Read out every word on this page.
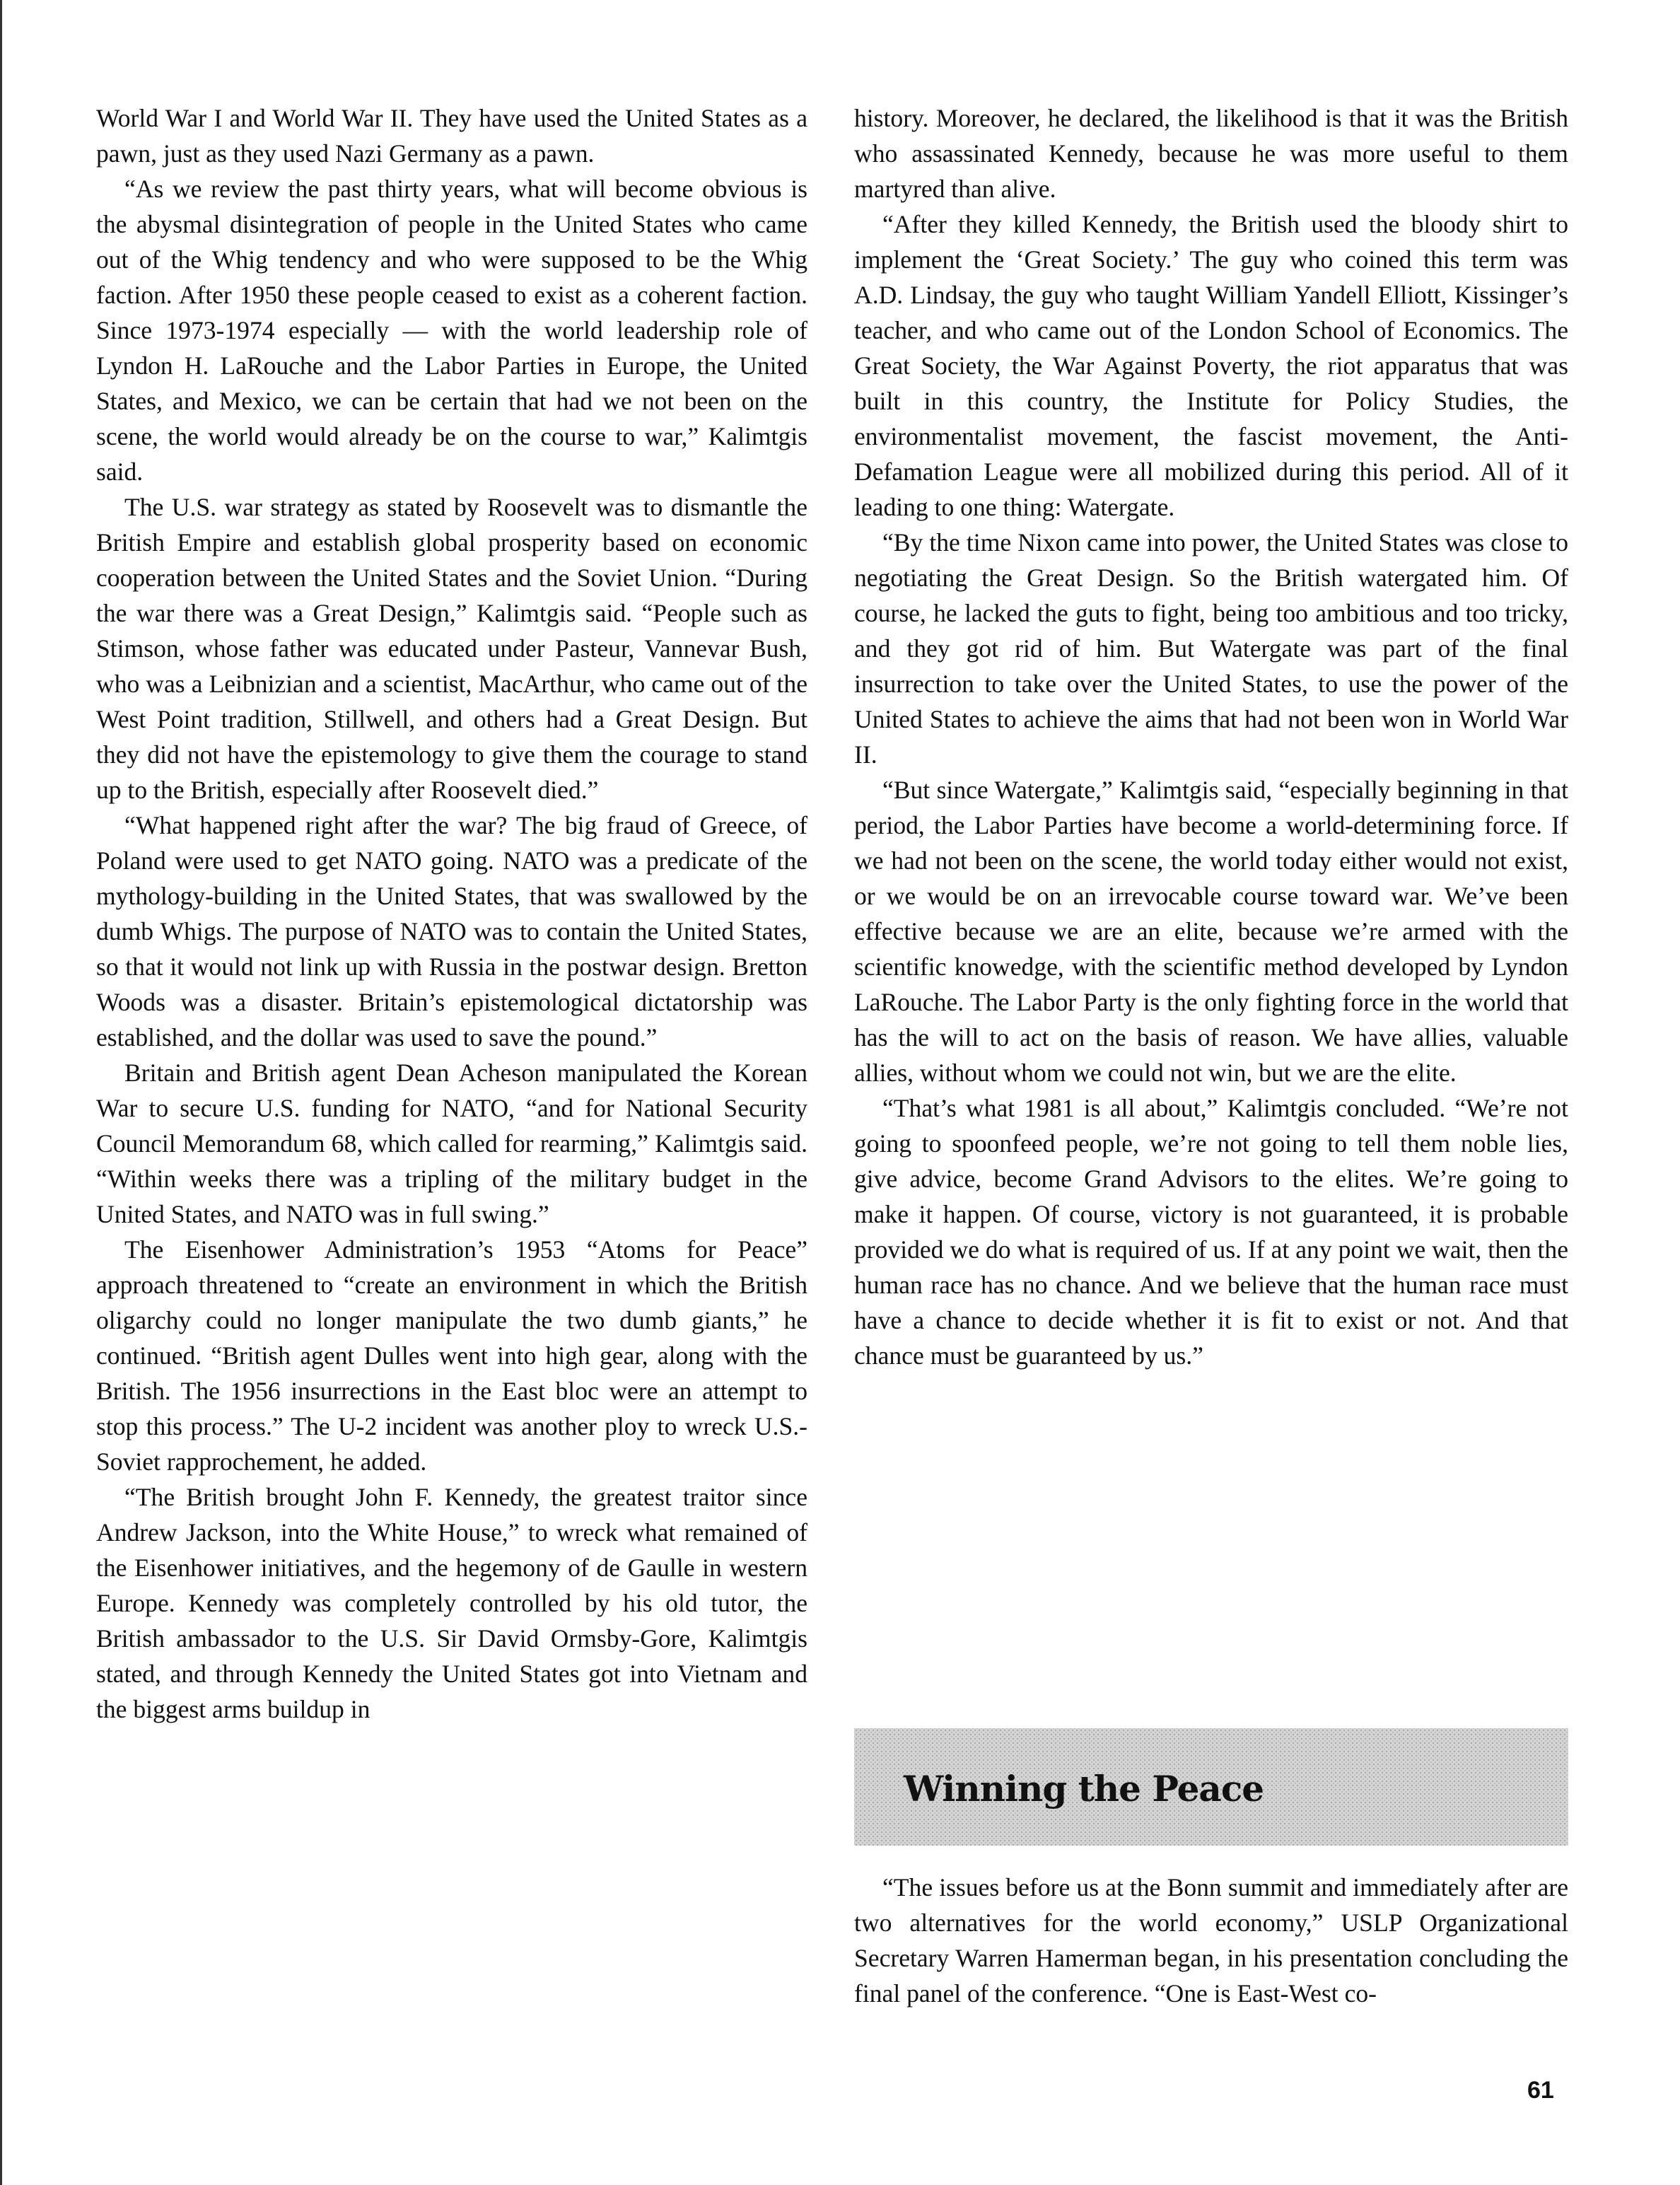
World War I and World War II. They have used the United States as a pawn, just as they used Nazi Germany as a pawn.

“As we review the past thirty years, what will become obvious is the abysmal disintegration of people in the United States who came out of the Whig tendency and who were supposed to be the Whig faction. After 1950 these people ceased to exist as a coherent faction. Since 1973-1974 especially — with the world leadership role of Lyndon H. LaRouche and the Labor Parties in Europe, the United States, and Mexico, we can be certain that had we not been on the scene, the world would already be on the course to war,” Kalimtgis said.

The U.S. war strategy as stated by Roosevelt was to dismantle the British Empire and establish global prosperity based on economic cooperation between the United States and the Soviet Union. “During the war there was a Great Design,” Kalimtgis said. “People such as Stimson, whose father was educated under Pasteur, Vannevar Bush, who was a Leibnizian and a scientist, MacArthur, who came out of the West Point tradition, Stillwell, and others had a Great Design. But they did not have the epistemology to give them the courage to stand up to the British, especially after Roosevelt died.”

“What happened right after the war? The big fraud of Greece, of Poland were used to get NATO going. NATO was a predicate of the mythology-building in the United States, that was swallowed by the dumb Whigs. The purpose of NATO was to contain the United States, so that it would not link up with Russia in the postwar design. Bretton Woods was a disaster. Britain’s epistemological dictatorship was established, and the dollar was used to save the pound.”

Britain and British agent Dean Acheson manipulated the Korean War to secure U.S. funding for NATO, “and for National Security Council Memorandum 68, which called for rearming,” Kalimtgis said. “Within weeks there was a tripling of the military budget in the United States, and NATO was in full swing.”

The Eisenhower Administration’s 1953 “Atoms for Peace” approach threatened to “create an environment in which the British oligarchy could no longer manipulate the two dumb giants,” he continued. “British agent Dulles went into high gear, along with the British. The 1956 insurrections in the East bloc were an attempt to stop this process.” The U-2 incident was another ploy to wreck U.S.-Soviet rapprochement, he added.

“The British brought John F. Kennedy, the greatest traitor since Andrew Jackson, into the White House,” to wreck what remained of the Eisenhower initiatives, and the hegemony of de Gaulle in western Europe. Kennedy was completely controlled by his old tutor, the British ambassador to the U.S. Sir David Ormsby-Gore, Kalimtgis stated, and through Kennedy the United States got into Vietnam and the biggest arms buildup in

history. Moreover, he declared, the likelihood is that it was the British who assassinated Kennedy, because he was more useful to them martyred than alive.

“After they killed Kennedy, the British used the bloody shirt to implement the ‘Great Society.’ The guy who coined this term was A.D. Lindsay, the guy who taught William Yandell Elliott, Kissinger’s teacher, and who came out of the London School of Economics. The Great Society, the War Against Poverty, the riot apparatus that was built in this country, the Institute for Policy Studies, the environmentalist movement, the fascist movement, the Anti-Defamation League were all mobilized during this period. All of it leading to one thing: Watergate.

“By the time Nixon came into power, the United States was close to negotiating the Great Design. So the British watergated him. Of course, he lacked the guts to fight, being too ambitious and too tricky, and they got rid of him. But Watergate was part of the final insurrection to take over the United States, to use the power of the United States to achieve the aims that had not been won in World War II.

“But since Watergate,” Kalimtgis said, “especially beginning in that period, the Labor Parties have become a world-determining force. If we had not been on the scene, the world today either would not exist, or we would be on an irrevocable course toward war. We’ve been effective because we are an elite, because we’re armed with the scientific knowedge, with the scientific method developed by Lyndon LaRouche. The Labor Party is the only fighting force in the world that has the will to act on the basis of reason. We have allies, valuable allies, without whom we could not win, but we are the elite.

“That’s what 1981 is all about,” Kalimtgis concluded. “We’re not going to spoonfeed people, we’re not going to tell them noble lies, give advice, become Grand Advisors to the elites. We’re going to make it happen. Of course, victory is not guaranteed, it is probable provided we do what is required of us. If at any point we wait, then the human race has no chance. And we believe that the human race must have a chance to decide whether it is fit to exist or not. And that chance must be guaranteed by us.”

Winning the Peace

“The issues before us at the Bonn summit and immediately after are two alternatives for the world economy,” USLP Organizational Secretary Warren Hamerman began, in his presentation concluding the final panel of the conference. “One is East-West co-

61
